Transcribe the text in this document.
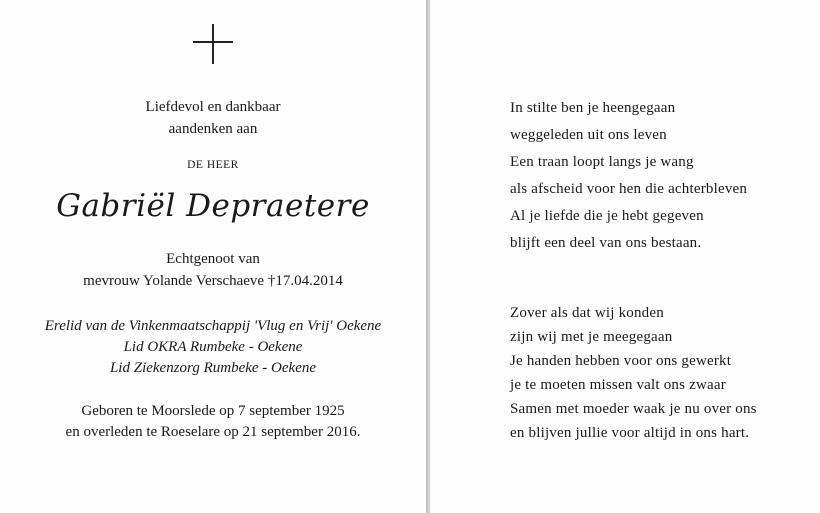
Liefdevol en dankbaar
aandenken aan
DE HEER
Gabriël Depraetere
Echtgenoot van
mevrouw Yolande Verschaeve †17.04.2014
Erelid van de Vinkenmaatschappij 'Vlug en Vrij' Oekene
Lid OKRA Rumbeke - Oekene
Lid Ziekenzorg Rumbeke - Oekene
Geboren te Moorslede op 7 september 1925
en overleden te Roeselare op 21 september 2016.
In stilte ben je heengegaan
weggeleden uit ons leven
Een traan loopt langs je wang
als afscheid voor hen die achterbleven
Al je liefde die je hebt gegeven
blijft een deel van ons bestaan.
Zover als dat wij konden
zijn wij met je meegegaan
Je handen hebben voor ons gewerkt
je te moeten missen valt ons zwaar
Samen met moeder waak je nu over ons
en blijven jullie voor altijd in ons hart.
